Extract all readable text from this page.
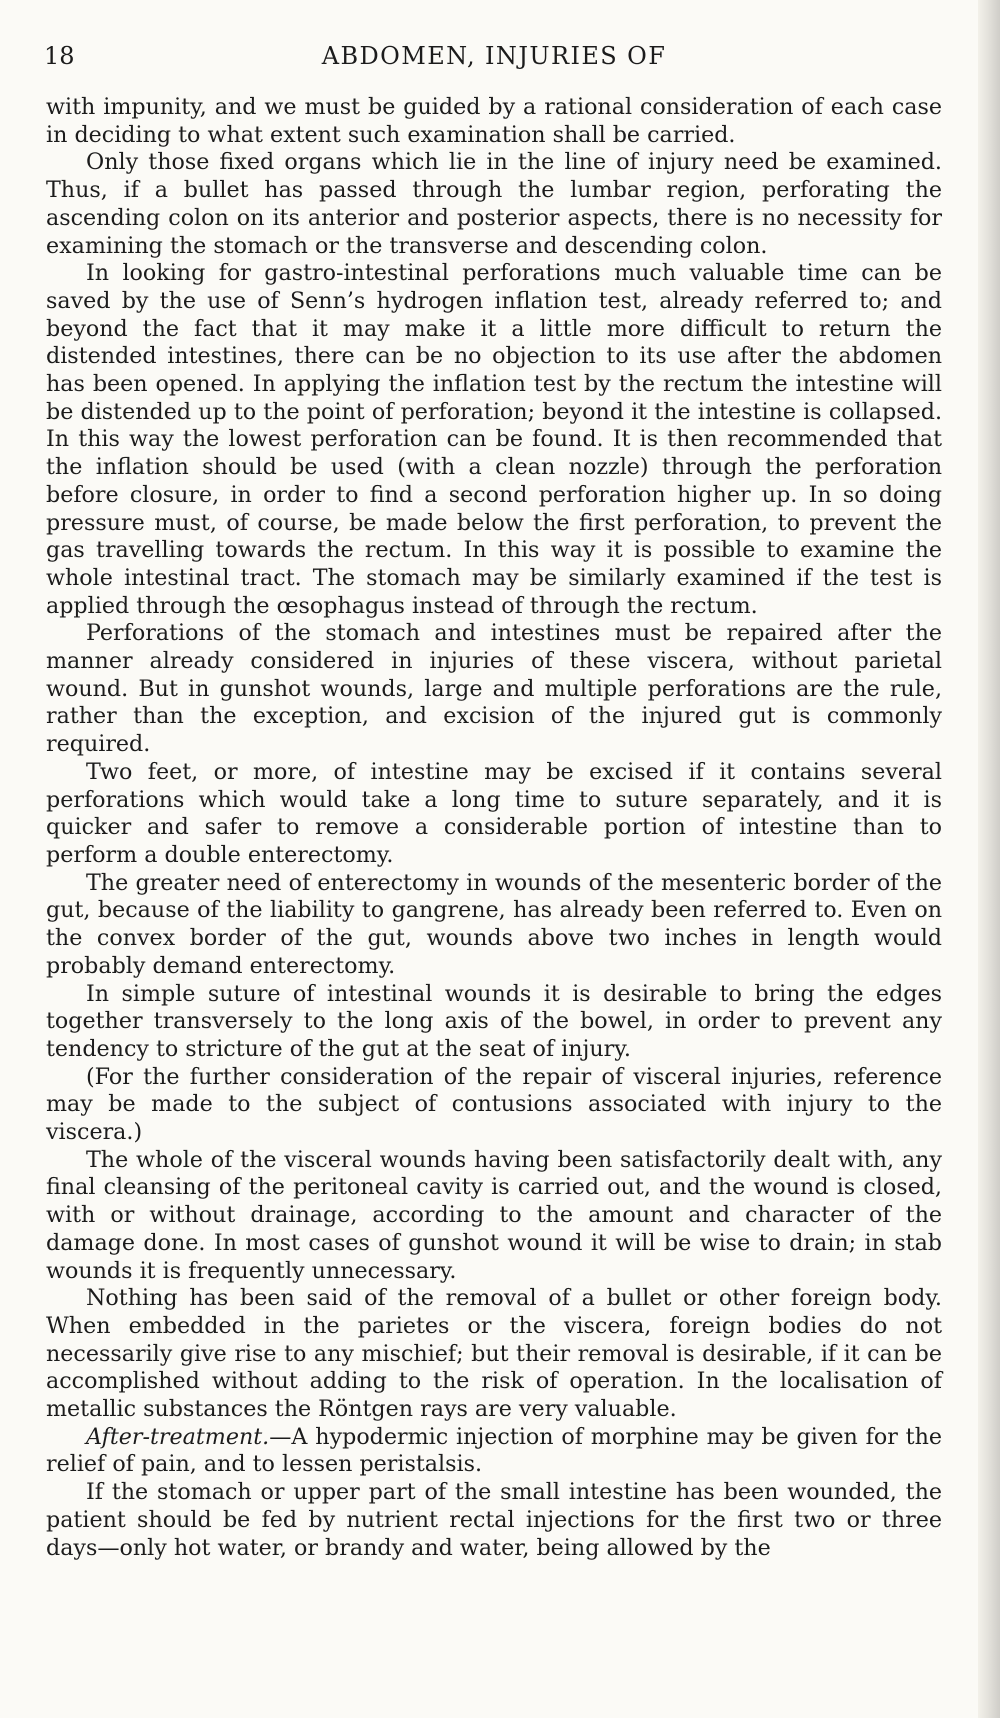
18	ABDOMEN, INJURIES OF

with impunity, and we must be guided by a rational consideration of each case in deciding to what extent such examination shall be carried.

Only those fixed organs which lie in the line of injury need be examined. Thus, if a bullet has passed through the lumbar region, perforating the ascending colon on its anterior and posterior aspects, there is no necessity for examining the stomach or the transverse and descending colon.

In looking for gastro-intestinal perforations much valuable time can be saved by the use of Senn’s hydrogen inflation test, already referred to; and beyond the fact that it may make it a little more difficult to return the distended intestines, there can be no objection to its use after the abdomen has been opened. In applying the inflation test by the rectum the intestine will be distended up to the point of perforation; beyond it the intestine is collapsed. In this way the lowest perforation can be found. It is then recommended that the inflation should be used (with a clean nozzle) through the perforation before closure, in order to find a second perforation higher up. In so doing pressure must, of course, be made below the first perforation, to prevent the gas travelling towards the rectum. In this way it is possible to examine the whole intestinal tract. The stomach may be similarly examined if the test is applied through the œsophagus instead of through the rectum.

Perforations of the stomach and intestines must be repaired after the manner already considered in injuries of these viscera, without parietal wound. But in gunshot wounds, large and multiple perforations are the rule, rather than the exception, and excision of the injured gut is commonly required.

Two feet, or more, of intestine may be excised if it contains several perforations which would take a long time to suture separately, and it is quicker and safer to remove a considerable portion of intestine than to perform a double enterectomy.

The greater need of enterectomy in wounds of the mesenteric border of the gut, because of the liability to gangrene, has already been referred to. Even on the convex border of the gut, wounds above two inches in length would probably demand enterectomy.

In simple suture of intestinal wounds it is desirable to bring the edges together transversely to the long axis of the bowel, in order to prevent any tendency to stricture of the gut at the seat of injury.

(For the further consideration of the repair of visceral injuries, reference may be made to the subject of contusions associated with injury to the viscera.)

The whole of the visceral wounds having been satisfactorily dealt with, any final cleansing of the peritoneal cavity is carried out, and the wound is closed, with or without drainage, according to the amount and character of the damage done. In most cases of gunshot wound it will be wise to drain; in stab wounds it is frequently unnecessary.

Nothing has been said of the removal of a bullet or other foreign body. When embedded in the parietes or the viscera, foreign bodies do not necessarily give rise to any mischief; but their removal is desirable, if it can be accomplished without adding to the risk of operation. In the localisation of metallic substances the Röntgen rays are very valuable.

After-treatment.—A hypodermic injection of morphine may be given for the relief of pain, and to lessen peristalsis.

If the stomach or upper part of the small intestine has been wounded, the patient should be fed by nutrient rectal injections for the first two or three days—only hot water, or brandy and water, being allowed by the
